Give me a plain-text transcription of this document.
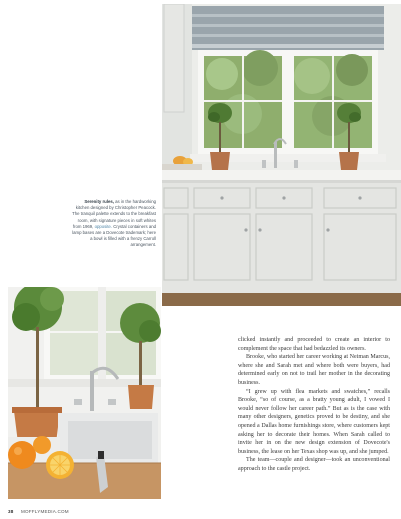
Serenity rules, as in the hardworking kitchen designed by Christopher Peacock. The tranquil palette extends to the breakfast room, with signature pieces in soft whites from 1969, opposite. Crystal containers and lamp bases are a Dovecote trademark; here a bowl is filled with a frenzy Carroll arrangement.

clicked instantly and proceeded to create an interior to complement the space that had bedazzled its owners.

Brooke, who started her career working at Neiman Marcus, where she and Sarah met and where both were buyers, had determined early on not to trail her mother in the decorating business.

“I grew up with flea markets and swatches,” recalls Brooke, “so of course, as a bratty young adult, I vowed I would never follow her career path.” But as is the case with many other designers, genetics proved to be destiny, and she opened a Dallas home furnishings store, where customers kept asking her to decorate their homes. When Sarah called to invite her in on the new design extension of Dovecote's business, the lease on her Texas shop was up, and she jumped.

The team—couple and designer—took an unconventional approach to the castle project.

38 MOFFLYMEDIA.COM
